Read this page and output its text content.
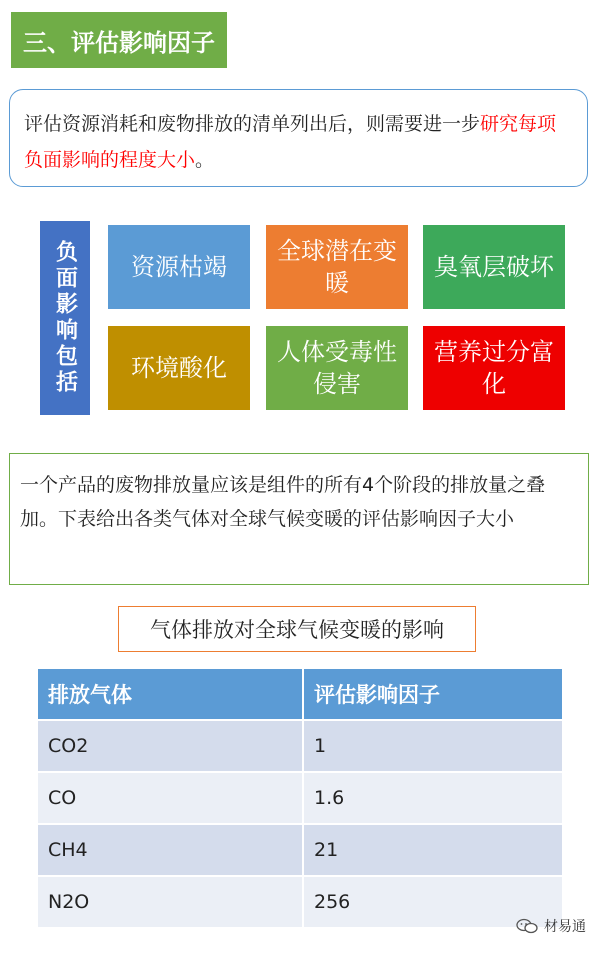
三、评估影响因子
评估资源消耗和废物排放的清单列出后，则需要进一步研究每项负面影响的程度大小。
负面影响包括	资源枯竭
全球潜在变暖
臭氧层破坏
环境酸化
人体受毒性侵害
营养过分富化
一个产品的废物排放量应该是组件的所有4个阶段的排放量之叠加。下表给出各类气体对全球气候变暖的评估影响因子大小
气体排放对全球气候变暖的影响
排放气体	评估影响因子
CO2	1
CO	1.6
CH4	21
N2O	256
材易通
